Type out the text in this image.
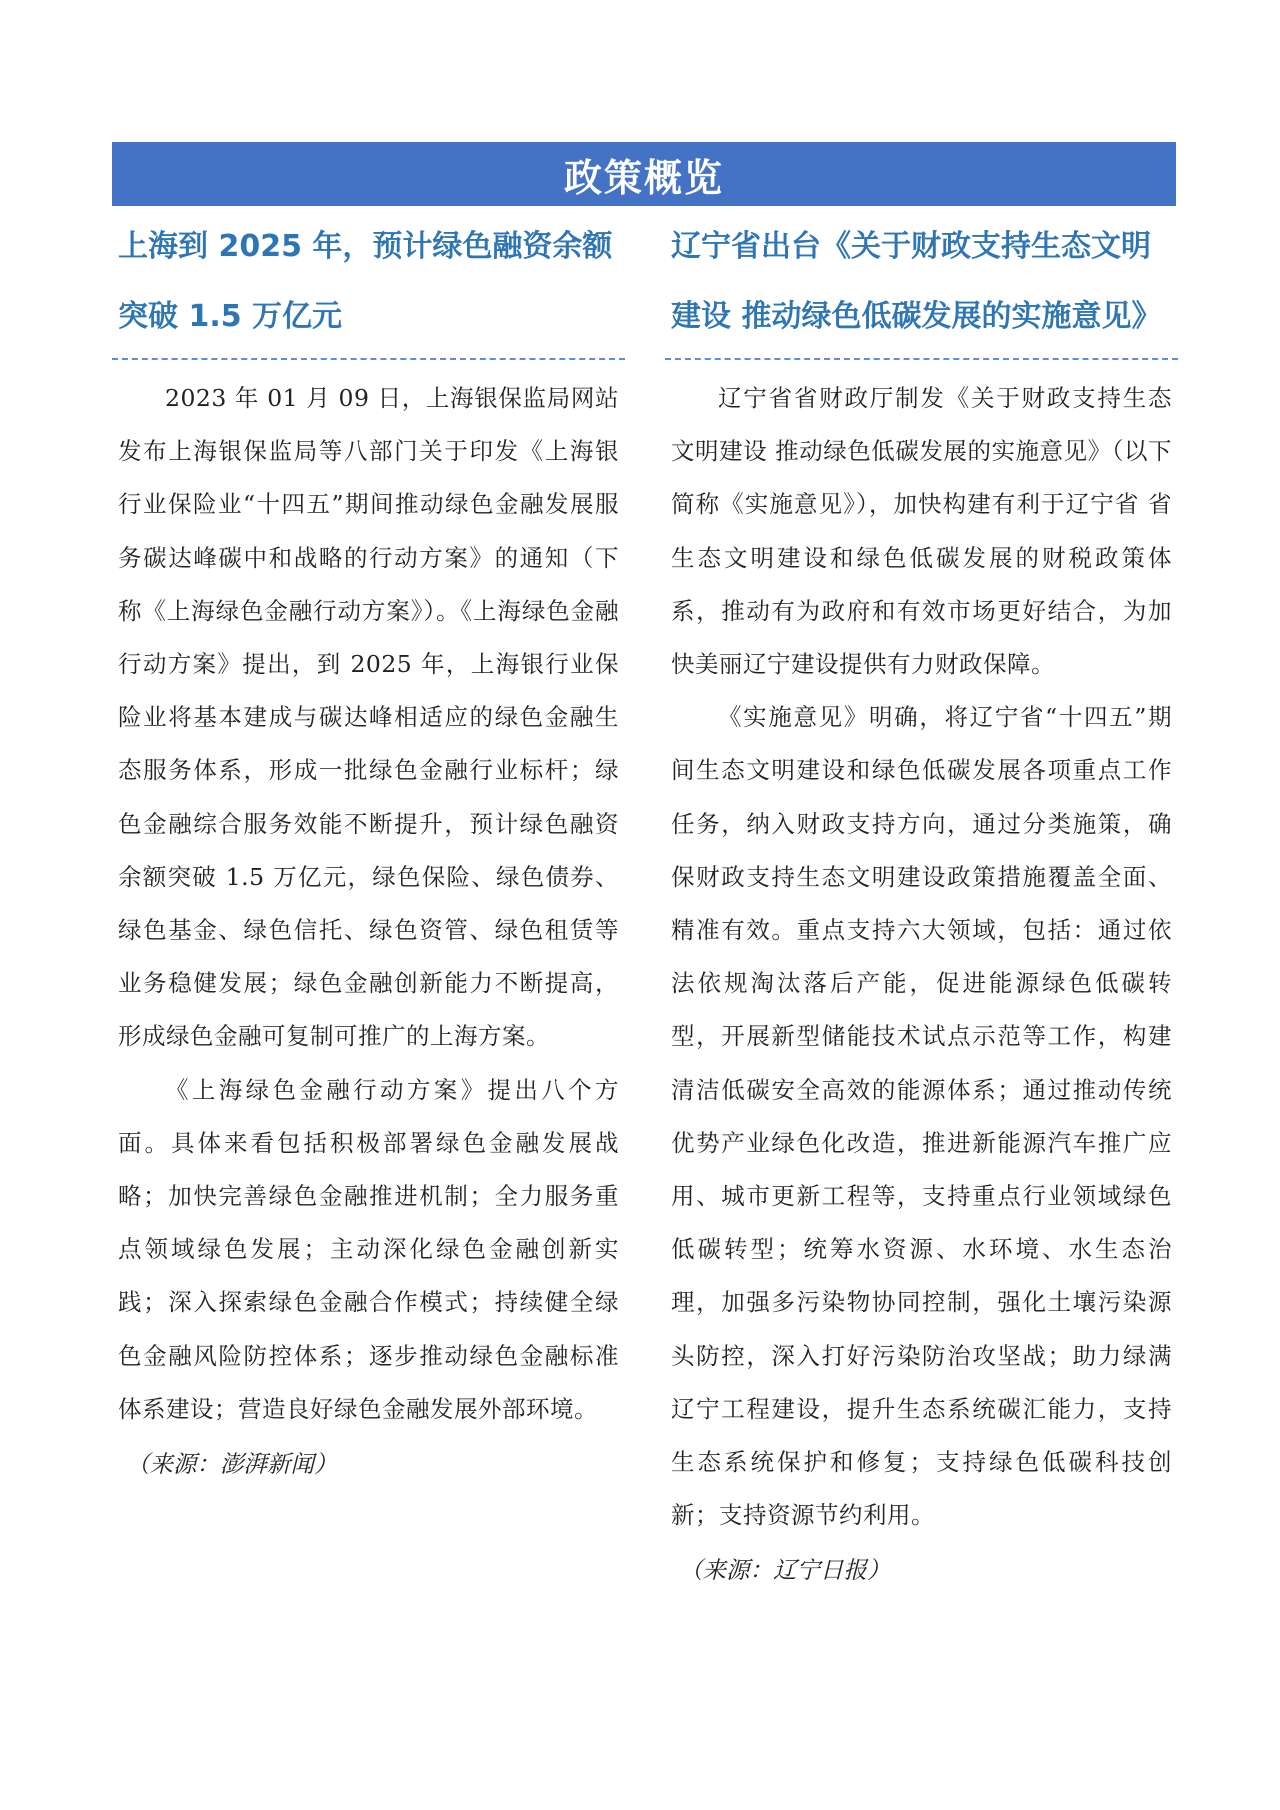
政策概览
上海到 2025 年，预计绿色融资余额突破 1.5 万亿元

2023 年 01 月 09 日，上海银保监局网站发布上海银保监局等八部门关于印发《上海银行业保险业“十四五”期间推动绿色金融发展服务碳达峰碳中和战略的行动方案》的通知（下称《上海绿色金融行动方案》）。《上海绿色金融行动方案》提出，到 2025 年，上海银行业保险业将基本建成与碳达峰相适应的绿色金融生态服务体系，形成一批绿色金融行业标杆；绿色金融综合服务效能不断提升，预计绿色融资余额突破 1.5 万亿元，绿色保险、绿色债券、绿色基金、绿色信托、绿色资管、绿色租赁等业务稳健发展；绿色金融创新能力不断提高，形成绿色金融可复制可推广的上海方案。

《上海绿色金融行动方案》提出八个方面。具体来看包括积极部署绿色金融发展战略；加快完善绿色金融推进机制；全力服务重点领域绿色发展；主动深化绿色金融创新实践；深入探索绿色金融合作模式；持续健全绿色金融风险防控体系；逐步推动绿色金融标准体系建设；营造良好绿色金融发展外部环境。

（来源：澎湃新闻）

辽宁省出台《关于财政支持生态文明建设 推动绿色低碳发展的实施意见》

辽宁省省财政厅制发《关于财政支持生态文明建设 推动绿色低碳发展的实施意见》（以下简称《实施意见》），加快构建有利于辽宁省 省生态文明建设和绿色低碳发展的财税政策体系，推动有为政府和有效市场更好结合，为加快美丽辽宁建设提供有力财政保障。

《实施意见》明确，将辽宁省“十四五”期间生态文明建设和绿色低碳发展各项重点工作任务，纳入财政支持方向，通过分类施策，确保财政支持生态文明建设政策措施覆盖全面、精准有效。重点支持六大领域，包括：通过依法依规淘汰落后产能，促进能源绿色低碳转型，开展新型储能技术试点示范等工作，构建清洁低碳安全高效的能源体系；通过推动传统优势产业绿色化改造，推进新能源汽车推广应用、城市更新工程等，支持重点行业领域绿色低碳转型；统筹水资源、水环境、水生态治理，加强多污染物协同控制，强化土壤污染源头防控，深入打好污染防治攻坚战；助力绿满辽宁工程建设，提升生态系统碳汇能力，支持生态系统保护和修复；支持绿色低碳科技创新；支持资源节约利用。

（来源：辽宁日报）
